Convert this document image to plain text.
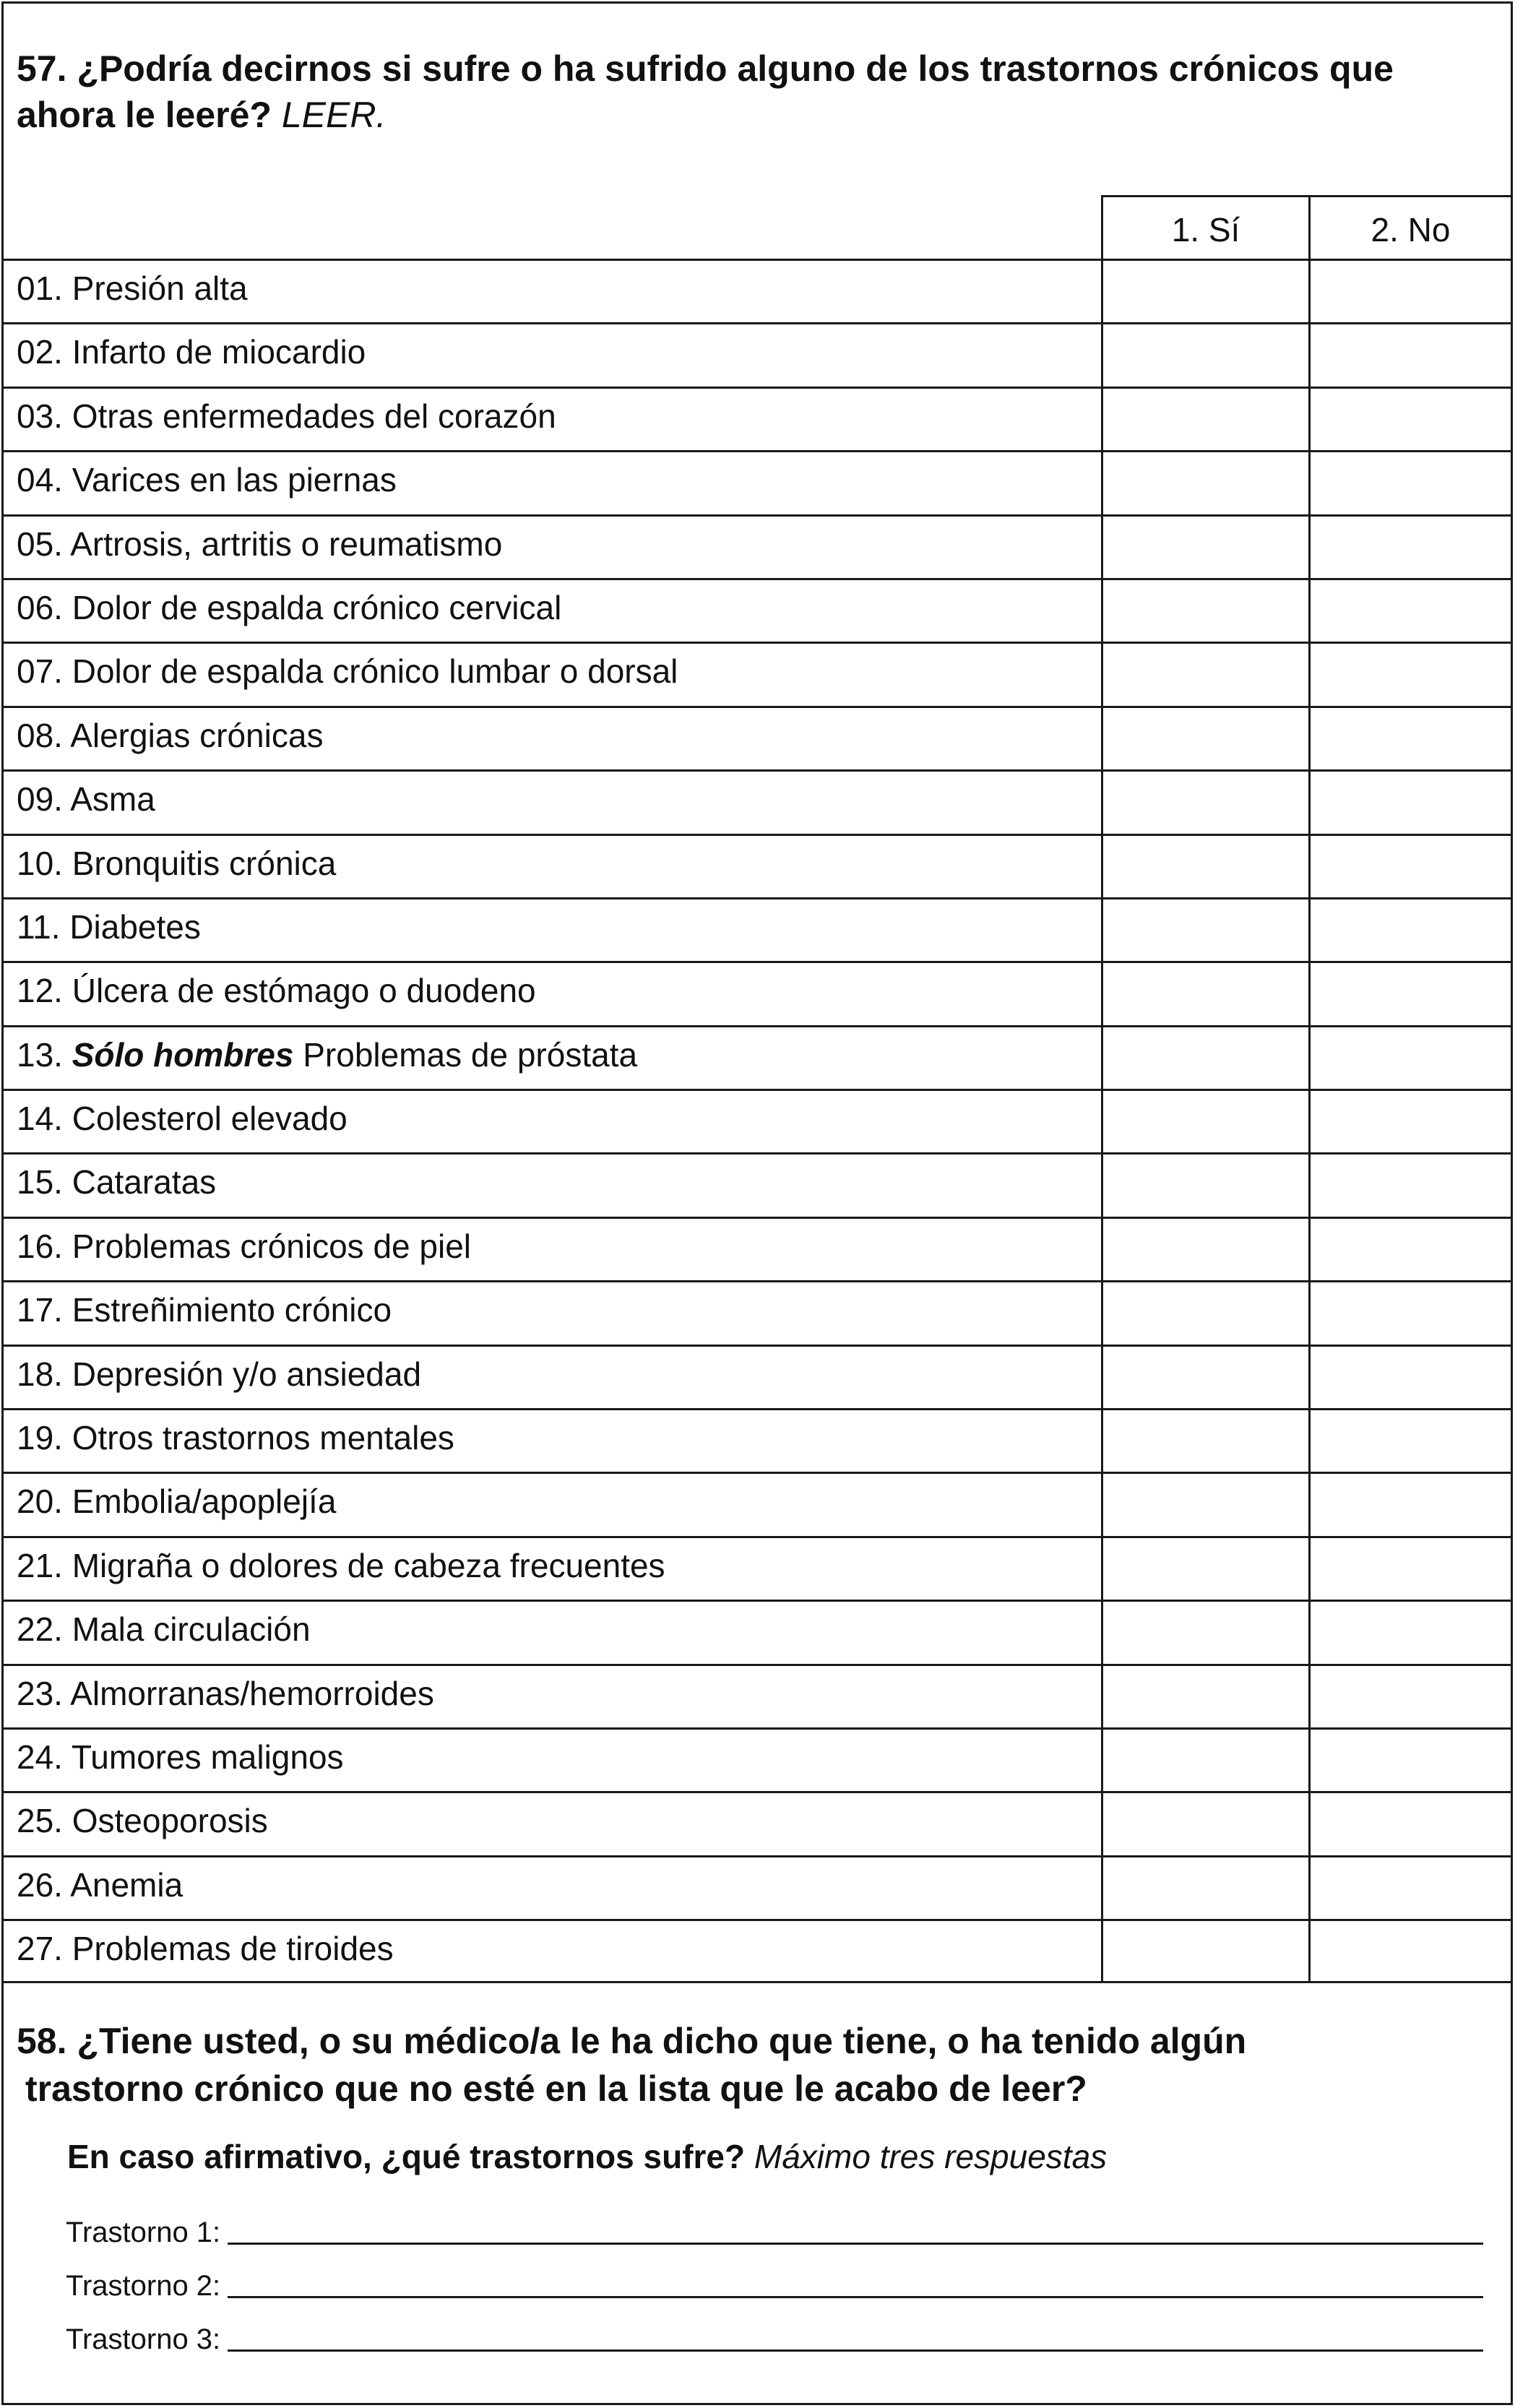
57. ¿Podría decirnos si sufre o ha sufrido alguno de los trastornos crónicos que ahora le leeré? LEER.
1. Sí	2. No
01. Presión alta
02. Infarto de miocardio
03. Otras enfermedades del corazón
04. Varices en las piernas
05. Artrosis, artritis o reumatismo
06. Dolor de espalda crónico cervical
07. Dolor de espalda crónico lumbar o dorsal
08. Alergias crónicas
09. Asma
10. Bronquitis crónica
11. Diabetes
12. Úlcera de estómago o duodeno
13. Sólo hombres Problemas de próstata
14. Colesterol elevado
15. Cataratas
16. Problemas crónicos de piel
17. Estreñimiento crónico
18. Depresión y/o ansiedad
19. Otros trastornos mentales
20. Embolia/apoplejía
21. Migraña o dolores de cabeza frecuentes
22. Mala circulación
23. Almorranas/hemorroides
24. Tumores malignos
25. Osteoporosis
26. Anemia
27. Problemas de tiroides
58. ¿Tiene usted, o su médico/a le ha dicho que tiene, o ha tenido algún
trastorno crónico que no esté en la lista que le acabo de leer?
En caso afirmativo, ¿qué trastornos sufre? Máximo tres respuestas
Trastorno 1:
Trastorno 2:
Trastorno 3:
